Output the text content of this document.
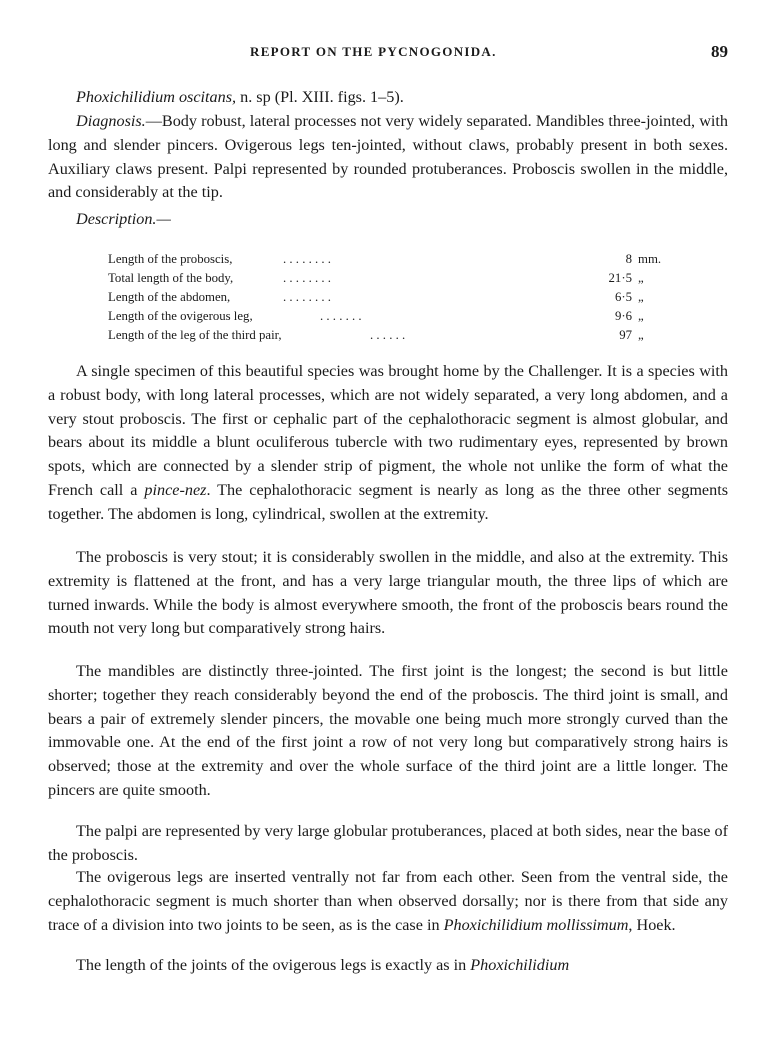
REPORT ON THE PYCNOGONIDA.	89
Phoxichilidium oscitans, n. sp (Pl. XIII. figs. 1–5).

Diagnosis.—Body robust, lateral processes not very widely separated. Mandibles three-jointed, with long and slender pincers. Ovigerous legs ten-jointed, without claws, probably present in both sexes. Auxiliary claws present. Palpi represented by rounded protuberances. Proboscis swollen in the middle, and considerably at the tip.

Description.—
Length of the proboscis,	. . . . . . . .	8 mm.
Total length of the body,	. . . . . . . .	21·5 „
Length of the abdomen,	. . . . . . . .	6·5 „
Length of the ovigerous leg,	. . . . . . .	9·6 „
Length of the leg of the third pair,	. . . . . .	97 „

A single specimen of this beautiful species was brought home by the Challenger. It is a species with a robust body, with long lateral processes, which are not widely separated, a very long abdomen, and a very stout proboscis. The first or cephalic part of the cephalothoracic segment is almost globular, and bears about its middle a blunt oculiferous tubercle with two rudimentary eyes, represented by brown spots, which are connected by a slender strip of pigment, the whole not unlike the form of what the French call a pince-nez. The cephalothoracic segment is nearly as long as the three other segments together. The abdomen is long, cylindrical, swollen at the extremity.

The proboscis is very stout; it is considerably swollen in the middle, and also at the extremity. This extremity is flattened at the front, and has a very large triangular mouth, the three lips of which are turned inwards. While the body is almost everywhere smooth, the front of the proboscis bears round the mouth not very long but comparatively strong hairs.

The mandibles are distinctly three-jointed. The first joint is the longest; the second is but little shorter; together they reach considerably beyond the end of the proboscis. The third joint is small, and bears a pair of extremely slender pincers, the movable one being much more strongly curved than the immovable one. At the end of the first joint a row of not very long but comparatively strong hairs is observed; those at the extremity and over the whole surface of the third joint are a little longer. The pincers are quite smooth.

The palpi are represented by very large globular protuberances, placed at both sides, near the base of the proboscis.

The ovigerous legs are inserted ventrally not far from each other. Seen from the ventral side, the cephalothoracic segment is much shorter than when observed dorsally; nor is there from that side any trace of a division into two joints to be seen, as is the case in Phoxichilidium mollissimum, Hoek.

The length of the joints of the ovigerous legs is exactly as in Phoxichilidium
